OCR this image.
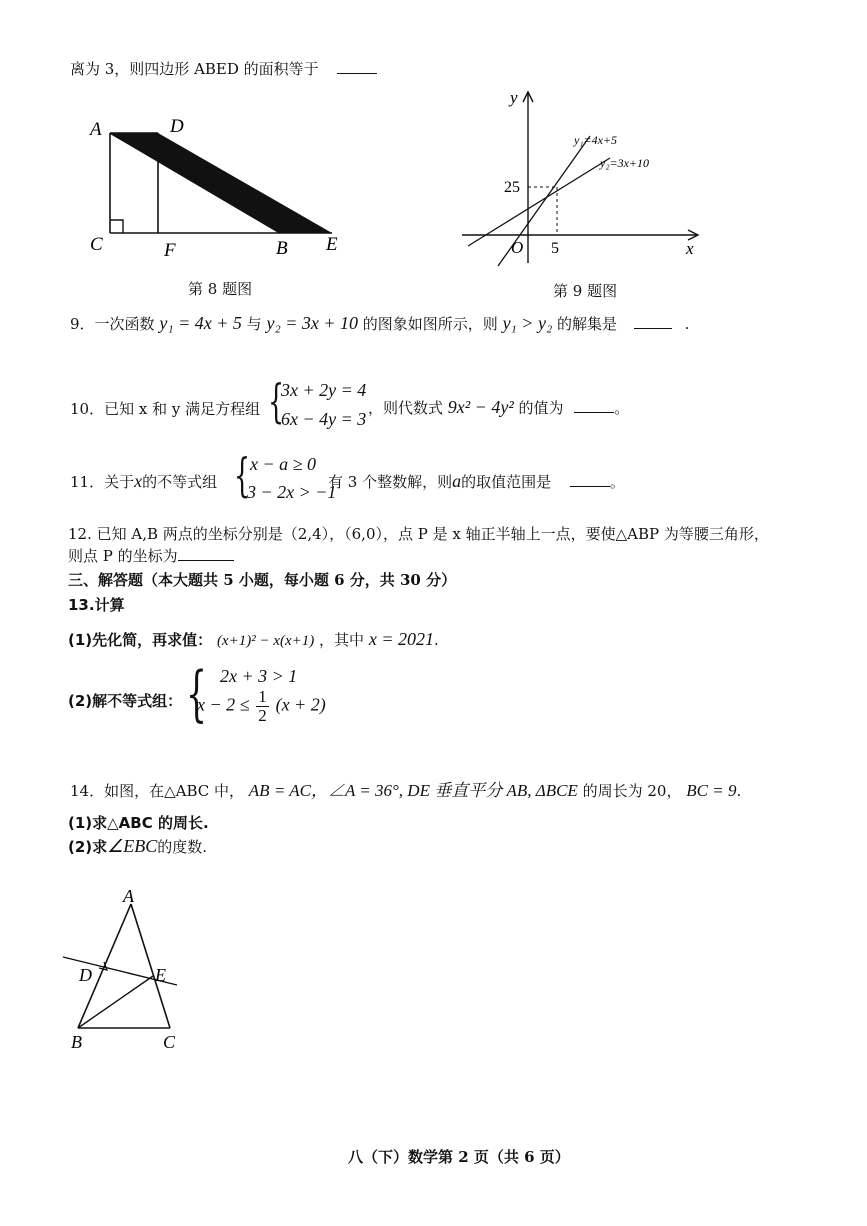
离为 3，则四边形 ABED 的面积等于
A	D
C	F	B E
第 8 题图
y
x
O
25
5
y₁=4x+5
y₂=3x+10
第 9 题图
9．一次函数 y₁ = 4x + 5 与 y₂ = 3x + 10 的图象如图所示，则 y₁ > y₂ 的解集是	.
10．已知 x 和 y 满足方程组 {
3x + 2y = 4
6x − 4y = 3
，则代数式 9x² − 4y² 的值为	。
11．关于x的不等式组 { x − a ≥ 0
3 − 2x > −1
有 3 个整数解，则a的取值范围是	。
12. 已知 A,B 两点的坐标分别是（2,4），（6,0），点 P 是 x 轴正半轴上一点，要使△ABP 为等腰三角形，
则点 P 的坐标为
三、解答题（本大题共 5 小题，每小题 6 分，共 30 分）
13.计算
(1)先化简，再求值： (x+1)² − x(x+1) ，其中 x = 2021.
(2)解不等式组： { 2x + 3 > 1
$x - 2 \le \frac{1}{2} (x + 2)$
14．如图，在△ABC 中， AB = AC，∠A = 36°, DE 垂直平分 AB, ΔBCE 的周长为 20， BC = 9.
(1)求△ABC 的周长.
(2)求∠EBC的度数.
A
D	E
B	C
八（下）数学第 2 页（共 6 页）
